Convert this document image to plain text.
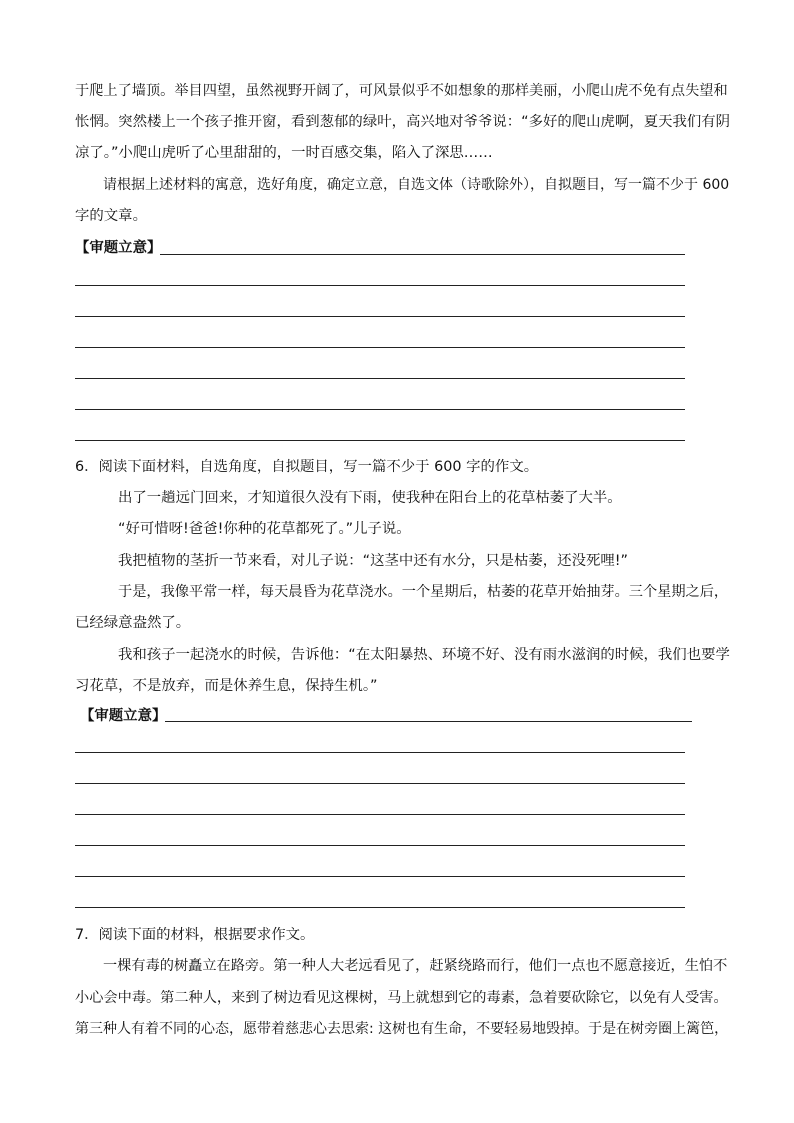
于爬上了墙顶。举目四望，虽然视野开阔了，可风景似乎不如想象的那样美丽，小爬山虎不免有点失望和
怅惘。突然楼上一个孩子推开窗，看到葱郁的绿叶，高兴地对爷爷说：“多好的爬山虎啊，夏天我们有阴
凉了。”小爬山虎听了心里甜甜的，一时百感交集，陷入了深思……
请根据上述材料的寓意，选好角度，确定立意，自选文体（诗歌除外），自拟题目，写一篇不少于 600
字的文章。
【审题立意】
6．阅读下面材料，自选角度，自拟题目，写一篇不少于 600 字的作文。
出了一趟远门回来，才知道很久没有下雨，使我种在阳台上的花草枯萎了大半。
“好可惜呀!爸爸!你种的花草都死了。”儿子说。
我把植物的茎折一节来看，对儿子说：“这茎中还有水分，只是枯萎，还没死哩!”
于是，我像平常一样，每天晨昏为花草浇水。一个星期后，枯萎的花草开始抽芽。三个星期之后，
已经绿意盎然了。
我和孩子一起浇水的时候，告诉他：“在太阳暴热、环境不好、没有雨水滋润的时候，我们也要学
习花草，不是放弃，而是休养生息，保持生机。”
【审题立意】
7．阅读下面的材料，根据要求作文。
一棵有毒的树矗立在路旁。第一种人大老远看见了，赶紧绕路而行，他们一点也不愿意接近，生怕不
小心会中毒。第二种人，来到了树边看见这棵树，马上就想到它的毒素，急着要砍除它，以免有人受害。
第三种人有着不同的心态，愿带着慈悲心去思索: 这树也有生命，不要轻易地毁掉。于是在树旁圈上篱笆，
